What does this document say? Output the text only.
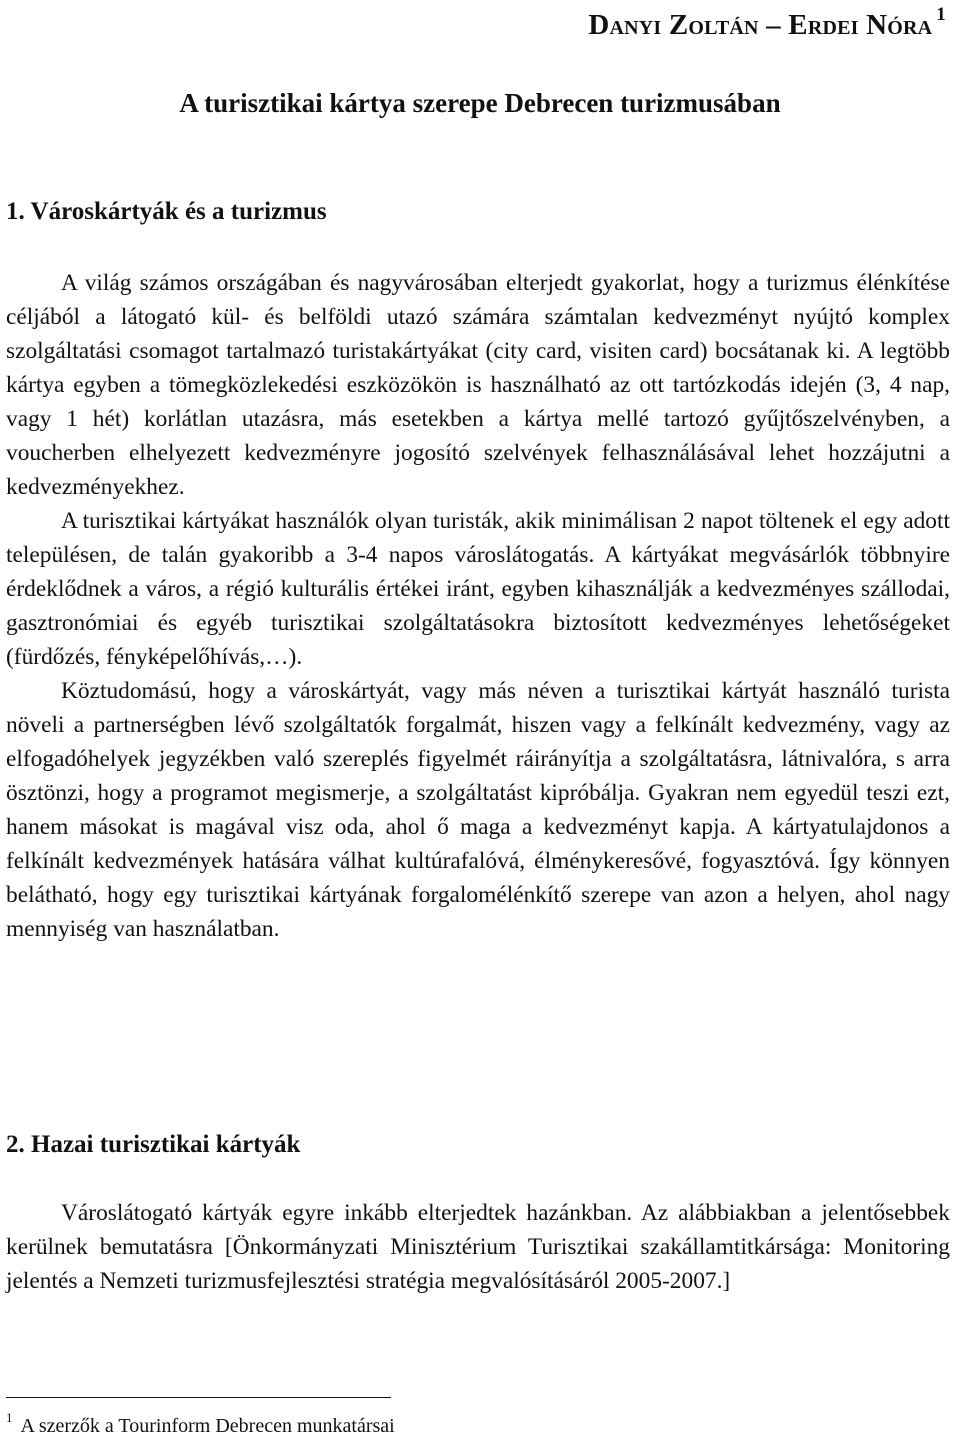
Danyi Zoltán – Erdei Nóra $^1$
A turisztikai kártya szerepe Debrecen turizmusában
1. Városkártyák és a turizmus

A világ számos országában és nagyvárosában elterjedt gyakorlat, hogy a turizmus élénkítése céljából a látogató kül- és belföldi utazó számára számtalan kedvezményt nyújtó komplex szolgáltatási csomagot tartalmazó turistakártyákat (city card, visiten card) bocsátanak ki. A legtöbb kártya egyben a tömegközlekedési eszközökön is használható az ott tartózkodás idején (3, 4 nap, vagy 1 hét) korlátlan utazásra, más esetekben a kártya mellé tartozó gyűjtőszelvényben, a voucherben elhelyezett kedvezményre jogosító szelvények felhasználásával lehet hozzájutni a kedvezményekhez.

A turisztikai kártyákat használók olyan turisták, akik minimálisan 2 napot töltenek el egy adott településen, de talán gyakoribb a 3-4 napos városlátogatás. A kártyákat megvásárlók többnyire érdeklődnek a város, a régió kulturális értékei iránt, egyben kihasználják a kedvezményes szállodai, gasztronómiai és egyéb turisztikai szolgáltatásokra biztosított kedvezményes lehetőségeket (fürdőzés, fényképelőhívás,…).

Köztudomású, hogy a városkártyát, vagy más néven a turisztikai kártyát használó turista növeli a partnerségben lévő szolgáltatók forgalmát, hiszen vagy a felkínált kedvezmény, vagy az elfogadóhelyek jegyzékben való szereplés figyelmét ráirányítja a szolgáltatásra, látnivalóra, s arra ösztönzi, hogy a programot megismerje, a szolgáltatást kipróbálja. Gyakran nem egyedül teszi ezt, hanem másokat is magával visz oda, ahol ő maga a kedvezményt kapja. A kártyatulajdonos a felkínált kedvezmények hatására válhat kultúrafalóvá, élménykeresővé, fogyasztóvá. Így könnyen belátható, hogy egy turisztikai kártyának forgalomélénkítő szerepe van azon a helyen, ahol nagy mennyiség van használatban.

2. Hazai turisztikai kártyák

Városlátogató kártyák egyre inkább elterjedtek hazánkban. Az alábbiakban a jelentősebbek kerülnek bemutatásra [Önkormányzati Minisztérium Turisztikai szakállamtitkársága: Monitoring jelentés a Nemzeti turizmusfejlesztési stratégia megvalósításáról 2005-2007.]

$^1$ A szerzők a Tourinform Debrecen munkatársai
